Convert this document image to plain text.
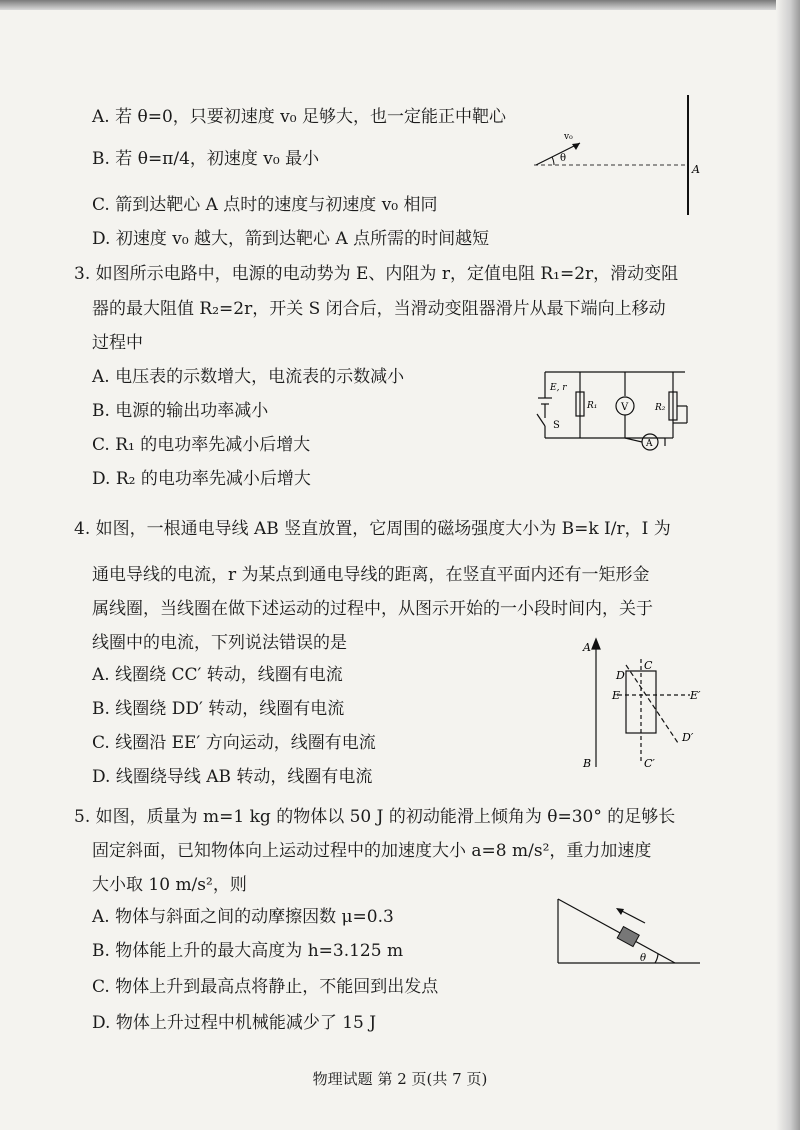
A. 若 θ=0，只要初速度 v₀ 足够大，也一定能正中靶心
B. 若 θ=π/4，初速度 v₀ 最小
C. 箭到达靶心 A 点时的速度与初速度 v₀ 相同
D. 初速度 v₀ 越大，箭到达靶心 A 点所需的时间越短
θ
v₀
A
3. 如图所示电路中，电源的电动势为 E、内阻为 r，定值电阻 R₁=2r，滑动变阻
器的最大阻值 R₂=2r，开关 S 闭合后，当滑动变阻器滑片从最下端向上移动
过程中
A. 电压表的示数增大，电流表的示数减小
B. 电源的输出功率减小
C. R₁ 的电功率先减小后增大
D. R₂ 的电功率先减小后增大
E, r
S
R₁ V	R₂
A
4. 如图，一根通电导线 AB 竖直放置，它周围的磁场强度大小为 B=k I/r，I 为
通电导线的电流，r 为某点到通电导线的距离，在竖直平面内还有一矩形金
属线圈，当线圈在做下述运动的过程中，从图示开始的一小段时间内，关于
线圈中的电流，下列说法错误的是
A. 线圈绕 CC′ 转动，线圈有电流
B. 线圈绕 DD′ 转动，线圈有电流
C. 线圈沿 EE′ 方向运动，线圈有电流
D. 线圈绕导线 AB 转动，线圈有电流
A
B
C
C′
D
D′
E	E′
5. 如图，质量为 m=1 kg 的物体以 50 J 的初动能滑上倾角为 θ=30° 的足够长
固定斜面，已知物体向上运动过程中的加速度大小 a=8 m/s²，重力加速度
大小取 10 m/s²，则
A. 物体与斜面之间的动摩擦因数 μ=0.3
B. 物体能上升的最大高度为 h=3.125 m
C. 物体上升到最高点将静止，不能回到出发点
D. 物体上升过程中机械能减少了 15 J
θ
物理试题 第 2 页(共 7 页)
